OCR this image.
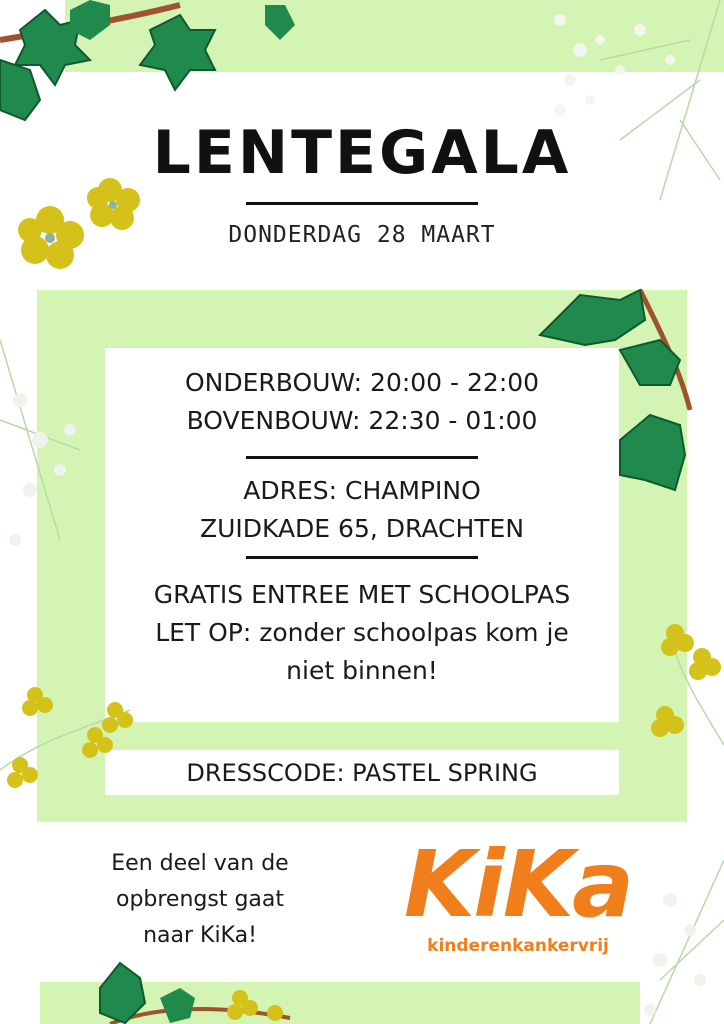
LENTEGALA
DONDERDAG 28 MAART
ONDERBOUW: 20:00 - 22:00
BOVENBOUW: 22:30 - 01:00
ADRES: CHAMPINO
ZUIDKADE 65, DRACHTEN
GRATIS ENTREE MET SCHOOLPAS
LET OP: zonder schoolpas kom je
niet binnen!
DRESSCODE: PASTEL SPRING
Een deel van de
opbrengst gaat
naar KiKa!	KiKa
kinderenkankervrij
